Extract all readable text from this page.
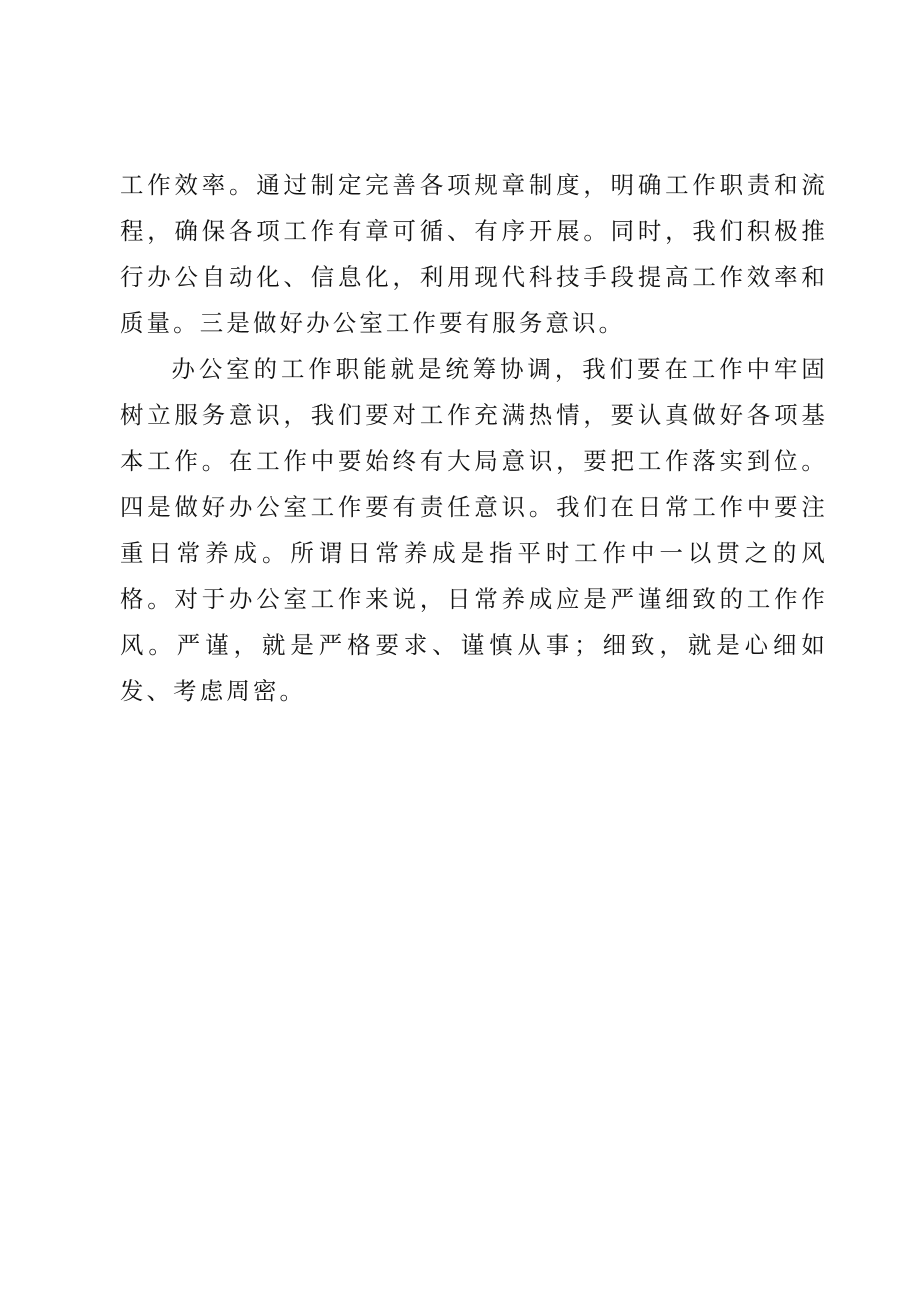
工作效率。通过制定完善各项规章制度，明确工作职责和流程，确保各项工作有章可循、有序开展。同时，我们积极推行办公自动化、信息化，利用现代科技手段提高工作效率和质量。三是做好办公室工作要有服务意识。

办公室的工作职能就是统筹协调，我们要在工作中牢固树立服务意识，我们要对工作充满热情，要认真做好各项基本工作。在工作中要始终有大局意识，要把工作落实到位。四是做好办公室工作要有责任意识。我们在日常工作中要注重日常养成。所谓日常养成是指平时工作中一以贯之的风格。对于办公室工作来说，日常养成应是严谨细致的工作作风。严谨，就是严格要求、谨慎从事；细致，就是心细如发、考虑周密。
